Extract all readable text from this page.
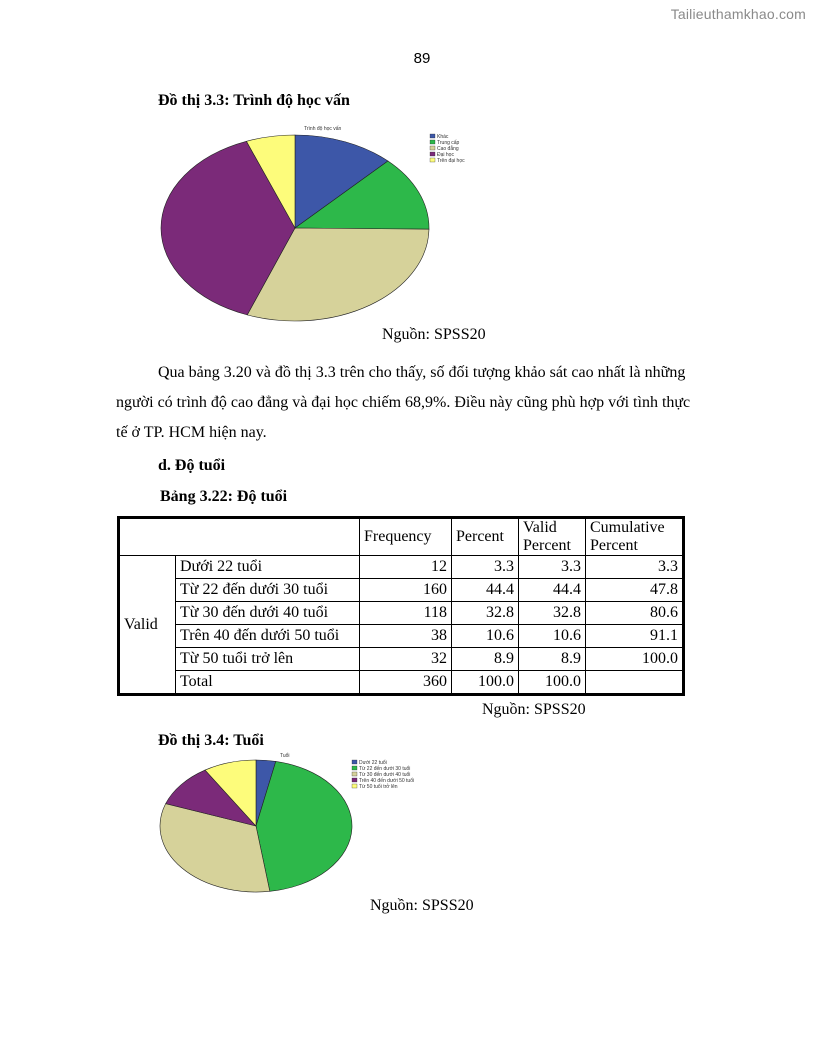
Tailieuthamkhao.com
89
Đồ thị 3.3: Trình độ học vấn
Trình độ học vấn
Khác
Trung cấp
Cao đẳng
Đại học
Trên đại học
Nguồn: SPSS20
Qua bảng 3.20 và đồ thị 3.3 trên cho thấy, số đối tượng khảo sát cao nhất là những
người có trình độ cao đẳng và đại học chiếm 68,9%. Điều này cũng phù hợp với tình thực
tế ở TP. HCM hiện nay.
d. Độ tuổi
Bảng 3.22: Độ tuổi
		Frequency	Percent	Valid Percent	Cumulative Percent
Valid	Dưới 22 tuổi	12	3.3	3.3	3.3
	Từ 22 đến dưới 30 tuổi	160	44.4	44.4	47.8
	Từ 30 đến dưới 40 tuổi	118	32.8	32.8	80.6
	Trên 40 đến dưới 50 tuổi	38	10.6	10.6	91.1
	Từ 50 tuổi trở lên	32	8.9	8.9	100.0
	Total	360	100.0	100.0	
Nguồn: SPSS20
Đồ thị 3.4: Tuổi
Tuổi
Dưới 22 tuổi
Từ 22 đến dưới 30 tuổi
Từ 30 đến dưới 40 tuổi
Trên 40 đến dưới 50 tuổi
Từ 50 tuổi trở lên
Nguồn: SPSS20
